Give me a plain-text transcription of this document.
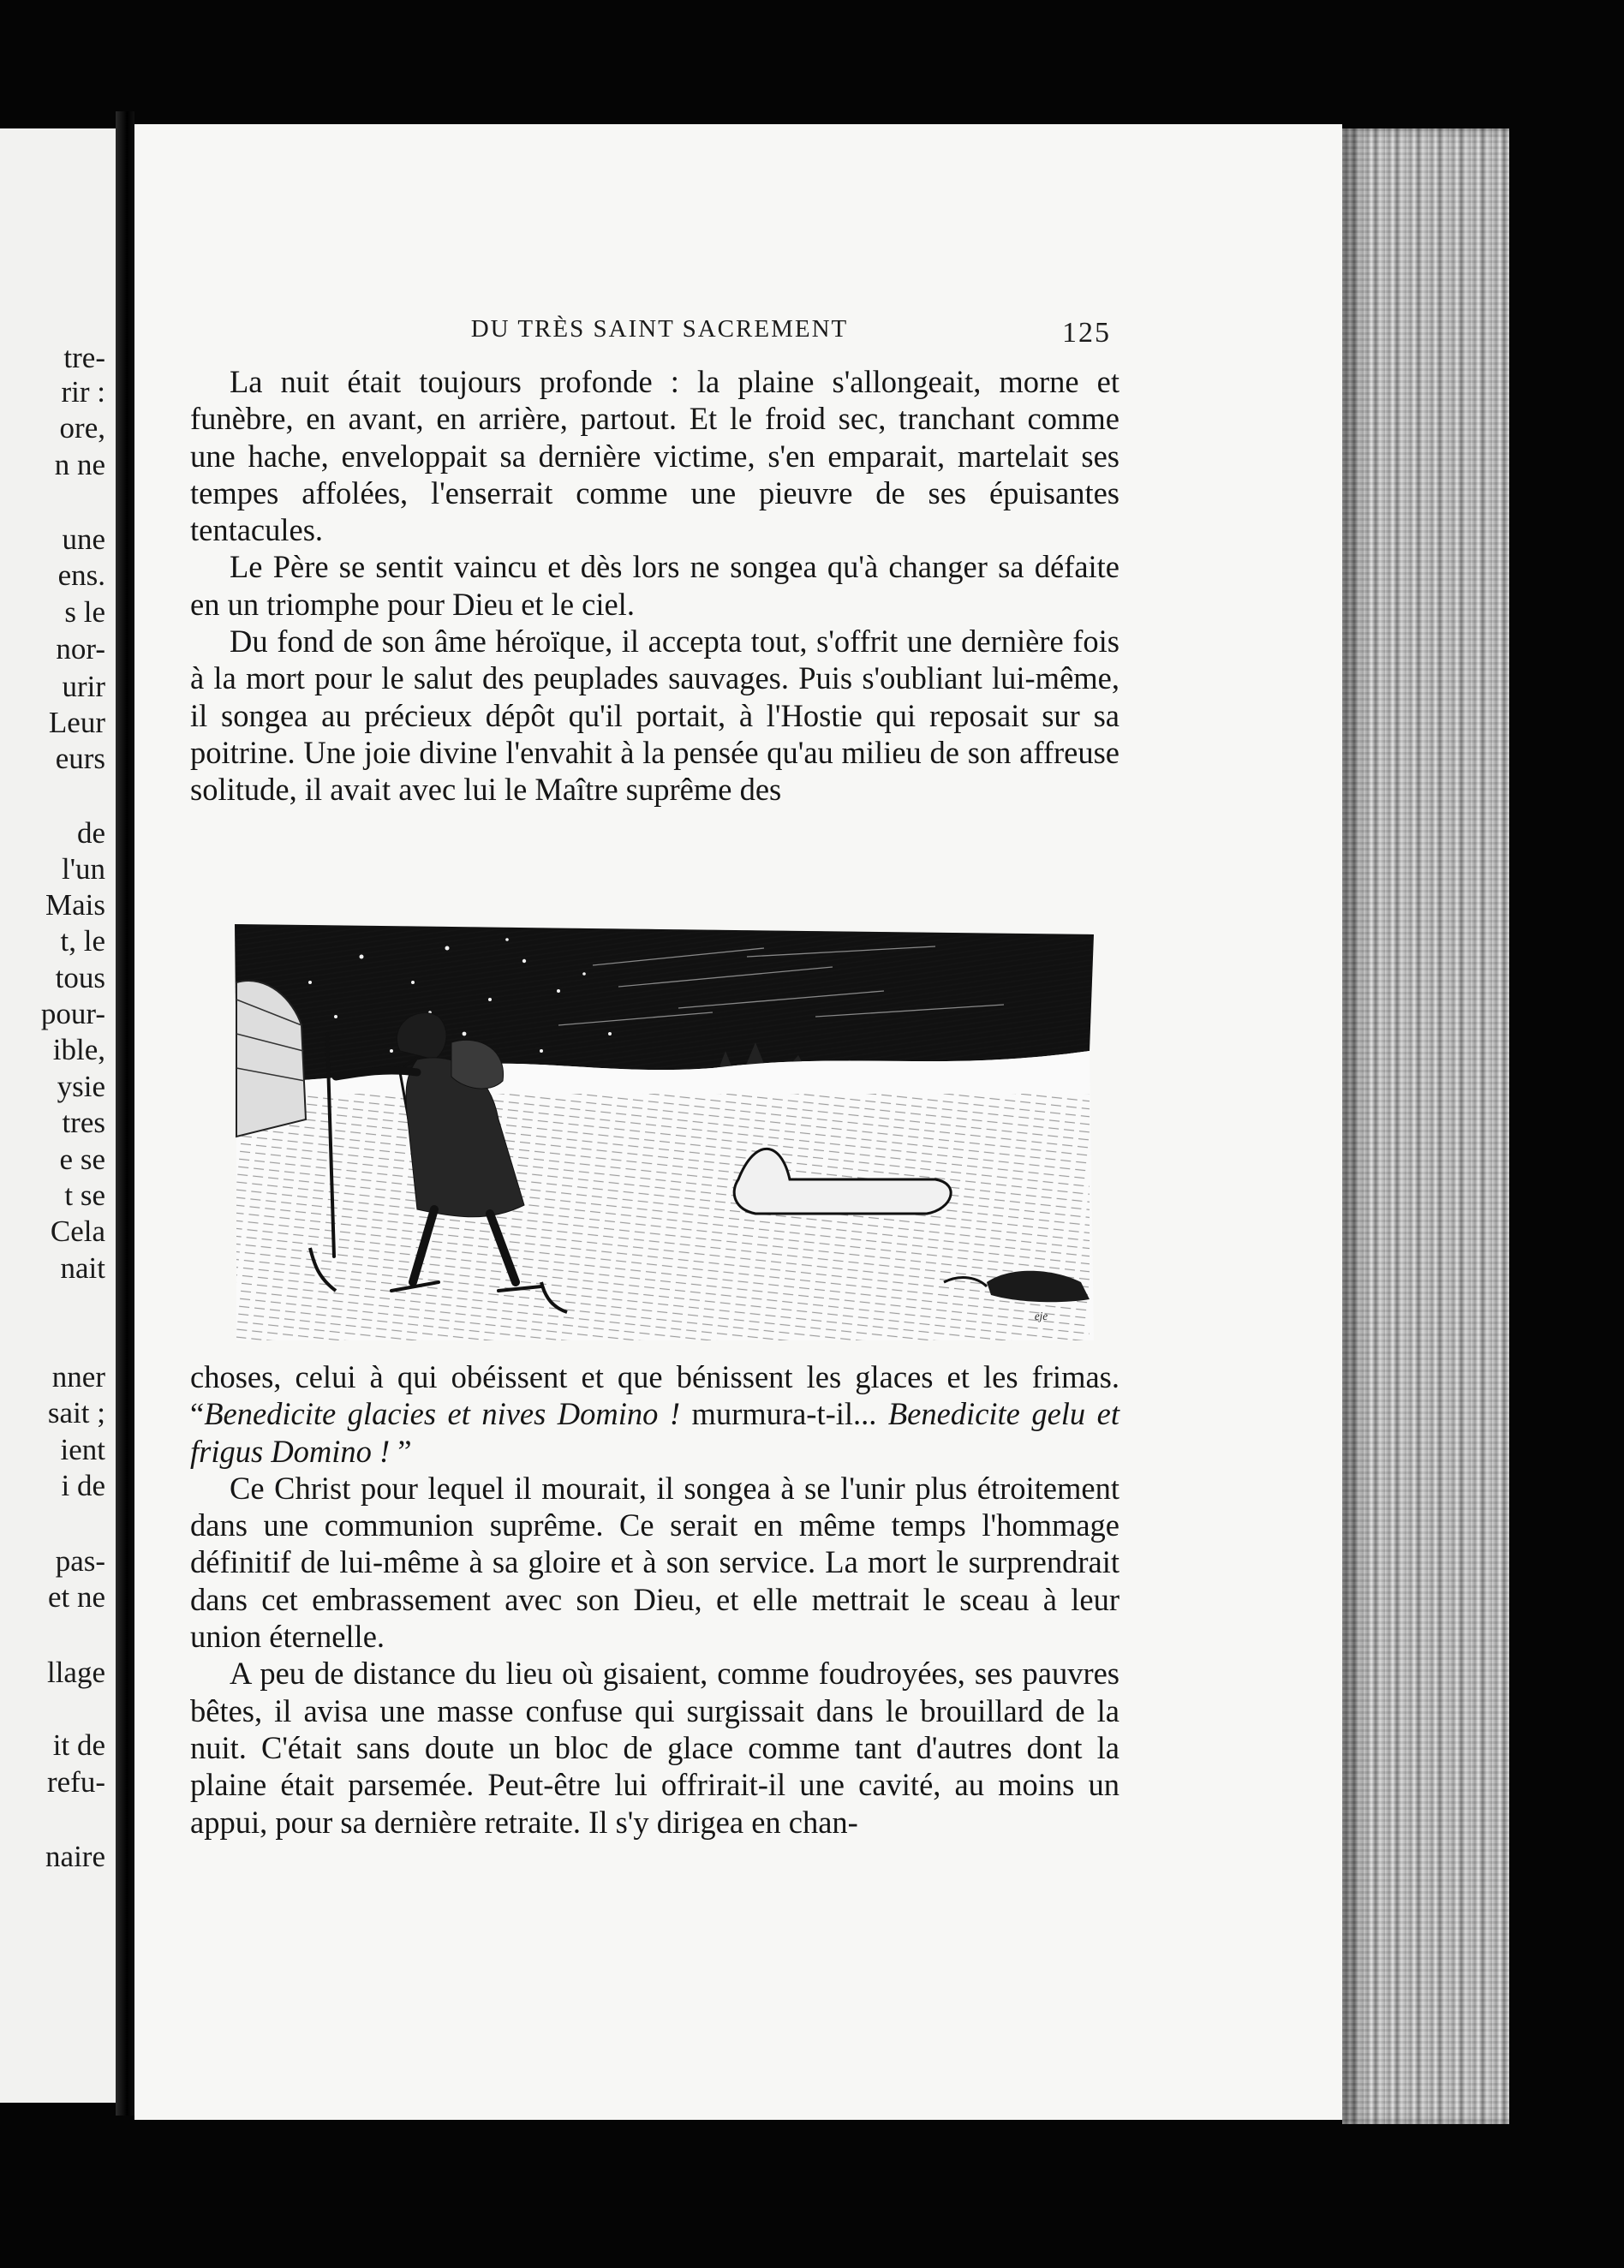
tre-
rir :
ore,
n ne
une
ens.
s le
nor-
urir
Leur
eurs
de
l'un
Mais
t, le
tous
pour-
ible,
ysie
tres
e se
t se
Cela
nait
nner
sait ;
ient
i de
pas-
et ne
llage
it de
refu-
naire
DU TRÈS SAINT SACREMENT	125

La nuit était toujours profonde : la plaine s'allongeait, morne et funèbre, en avant, en arrière, partout. Et le froid sec, tranchant comme une hache, enveloppait sa dernière victime, s'en emparait, martelait ses tempes affolées, l'enserrait comme une pieuvre de ses épuisantes tentacules.

Le Père se sentit vaincu et dès lors ne songea qu'à changer sa défaite en un triomphe pour Dieu et le ciel.

Du fond de son âme héroïque, il accepta tout, s'offrit une dernière fois à la mort pour le salut des peuplades sauvages. Puis s'oubliant lui-même, il songea au précieux dépôt qu'il portait, à l'Hostie qui reposait sur sa poitrine. Une joie divine l'envahit à la pensée qu'au milieu de son affreuse solitude, il avait avec lui le Maître suprême des

ᵉʲᵉ

choses, celui à qui obéissent et que bénissent les glaces et les frimas. “Benedicite glacies et nives Domino ! murmura-t-il... Benedicite gelu et frigus Domino ! ”

Ce Christ pour lequel il mourait, il songea à se l'unir plus étroitement dans une communion suprême. Ce serait en même temps l'hommage définitif de lui-même à sa gloire et à son service. La mort le surprendrait dans cet embrassement avec son Dieu, et elle mettrait le sceau à leur union éternelle.

A peu de distance du lieu où gisaient, comme foudroyées, ses pauvres bêtes, il avisa une masse confuse qui surgissait dans le brouillard de la nuit. C'était sans doute un bloc de glace comme tant d'autres dont la plaine était parsemée. Peut-être lui offrirait-il une cavité, au moins un appui, pour sa dernière retraite. Il s'y dirigea en chan-
